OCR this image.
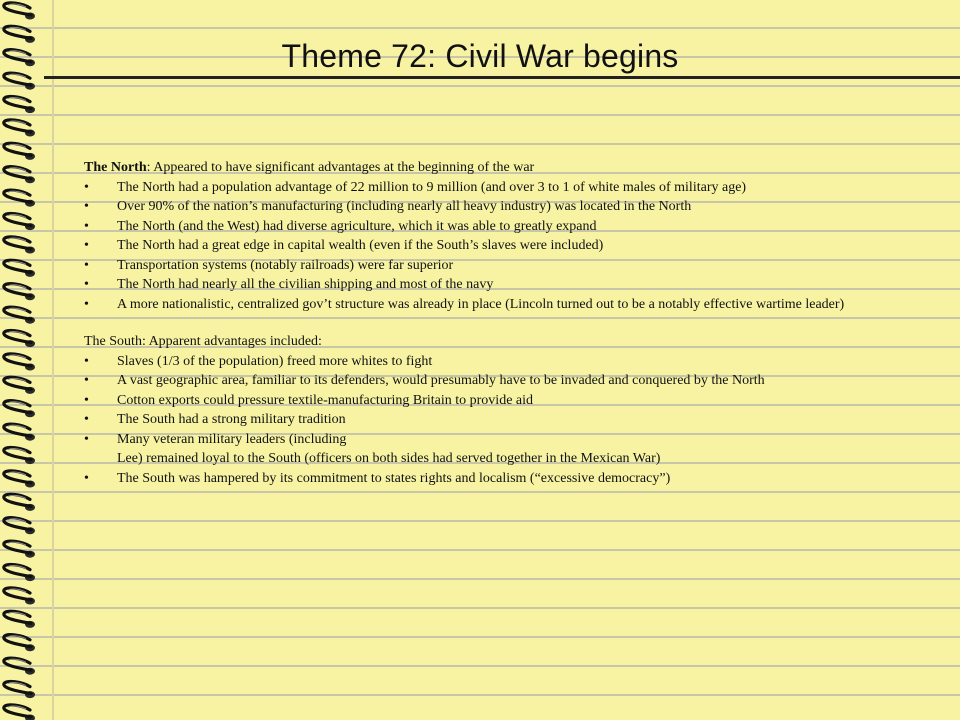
Theme 72: Civil War begins

The North: Appeared to have significant advantages at the beginning of the war

•	The North had a population advantage of 22 million to 9 million (and over 3 to 1 of white males of military age)
•	Over 90% of the nation’s manufacturing (including nearly all heavy industry) was located in the North
•	The North (and the West) had diverse agriculture, which it was able to greatly expand
•	The North had a great edge in capital wealth (even if the South’s slaves were included)
•	Transportation systems (notably railroads) were far superior
•	The North had nearly all the civilian shipping and most of the navy
•	A more nationalistic, centralized gov’t structure was already in place (Lincoln turned out to be a notably effective wartime leader)

The South: Apparent advantages included:

•	Slaves (1/3 of the population) freed more whites to fight
•	A vast geographic area, familiar to its defenders, would presumably have to be invaded and conquered by the North
•	Cotton exports could pressure textile-manufacturing Britain to provide aid
•	The South had a strong military tradition
•	Many veteran military leaders (including
Lee) remained loyal to the South (officers on both sides had served together in the Mexican War)
•	The South was hampered by its commitment to states rights and localism (“excessive democracy”)
